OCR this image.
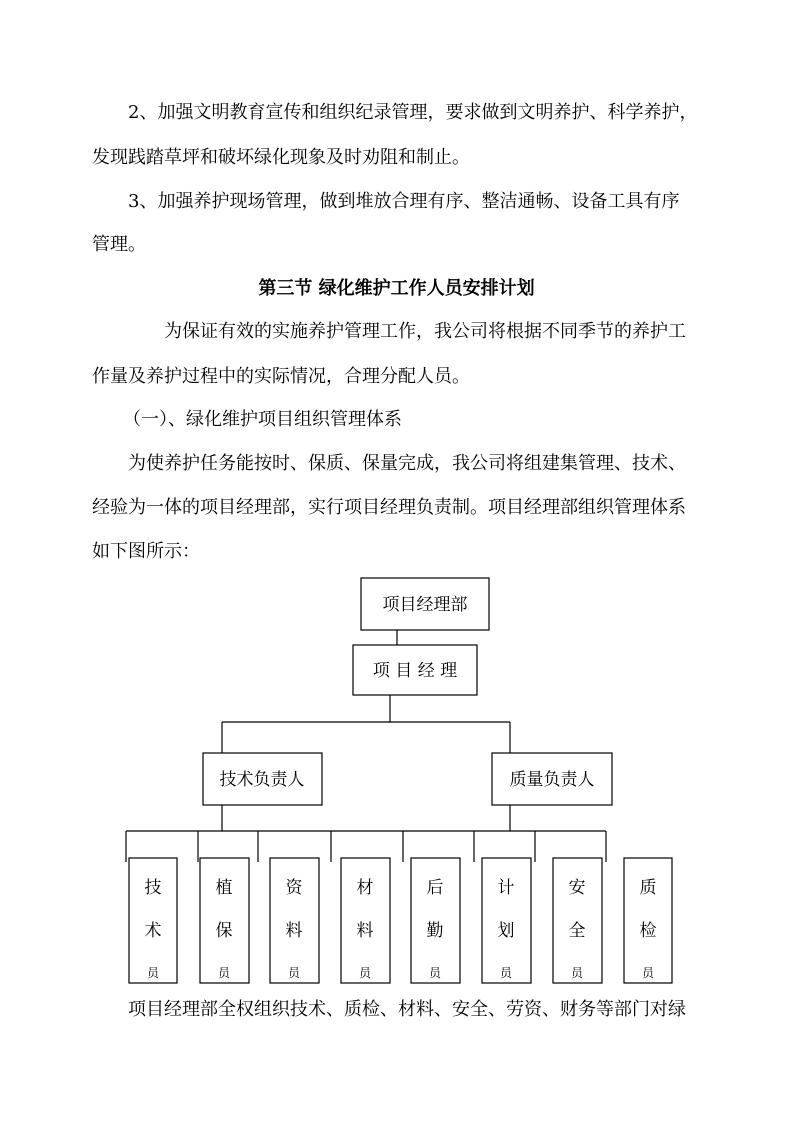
2、加强文明教育宣传和组织纪录管理，要求做到文明养护、科学养护，
发现践踏草坪和破坏绿化现象及时劝阻和制止。
3、加强养护现场管理，做到堆放合理有序、整洁通畅、设备工具有序
管理。
第三节 绿化维护工作人员安排计划
为保证有效的实施养护管理工作，我公司将根据不同季节的养护工
作量及养护过程中的实际情况，合理分配人员。
（一）、绿化维护项目组织管理体系
为使养护任务能按时、保质、保量完成，我公司将组建集管理、技术、
经验为一体的项目经理部，实行项目经理负责制。项目经理部组织管理体系
如下图所示：
项目经理部
项 目 经 理
技术负责人	质量负责人
技
术
员
植
保
员
资
料
员
材
料
员
后
勤
员
计
划
员
安
全
员
质
检
员
项目经理部全权组织技术、质检、材料、安全、劳资、财务等部门对绿
